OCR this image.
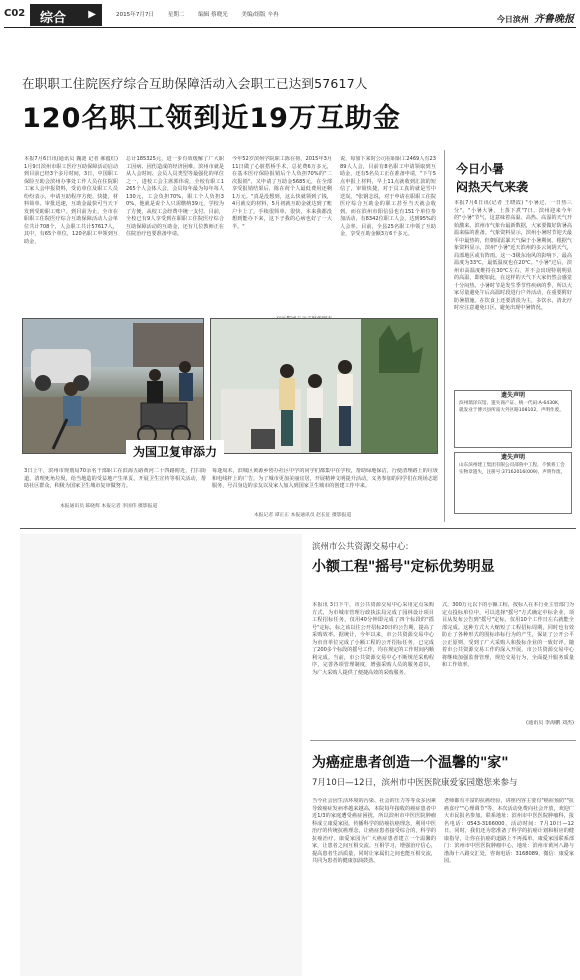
C02 综合 ▶	2015年7月7日 星期二 编辑 蔡晓光 美编/组版 辛冉	今日滨州 齐鲁晚报
在职职工住院医疗综合互助保障活动入会职工已达到57617人
120名职工领到近19万互助金
本报7月6日讯(通讯员 魏涟 记者 郝蕴红) 1月9日滨州市职工医疗互助保障活动启动到目前已经3个多月时间，3日，中国职工保险互助会滨州办事处工作人员在住院职工家人会申报资料，受访单位及职工人员纷纷表示，申请互助程序方便、快捷，材料简单、审批迅速，互助金最快可当天下发到受助职工账户。到目前为止，全市在职职工住院医疗综合互助保障活动人会单位共计708个，人会职工共计57617人，其中，有65个单位，120名职工申领到互助金，
总计185325元，进一步有效缓解了广大职工因病、因伤造成的经济困难。滨州市就是从人会时间、会员人员类型等最强化的单位之一，进校工会主席郭伟说，全校有职工1265个人会体人会，会员每年最为每年每人130元，工会负担70%，职工个人负担30%，他就是说个人只需缴纳39元，学校为了方便，从校工会经费中统一支付。目前，全校已有9人享受到在职职工住院医疗综合互助保障活动的互助金，还有几位教师正在住院治疗也要准备申请。
今年52岁滨州学院职工陈在荷，2015年3月11日做了心脏搭桥手术，总花费6万多元，在基本医疗保险报销后个人负担70%的"二次报销"，又申请了互助金5685元，在全部享受报销结果后，陈在荷个人最低费用还剩1万元。"真是没想到，这么快就领到了钱，4月就交的材料，5月初就互助金就达到了账户卡上了。手续很简单，很快，本来我都没想到能办下来，这下子我的心病也好了一大半。"
说，每加下来时公司在职职工2469人有2389人人会，目前有8名职工申请领取到互助金，还有5名员工正在准备申请，"下午5点申报上材料，早上11点就收到汇款的短信了，审简快捷，对于员工真的就是雪中送炭。"张钢志说，对于申请在职职工住院医疗综合互助金的职工甚至当天就会收到。而在滨州市阳信县也有151个单位参加活动，有8342位职工人会，达到95%的人会率。目前，全县25名职工申领了互助金，享受互助金额3万6千多元。
今日小暑
闷热天气来袭
本报7月6日讯(记者 王晓霞) "小暑过，一日热三分"。"小暑大暑，上蒸下煮"7日，滨州迎来今年的"小暑"节气，这意味着高温、高热、高湿的天气开始激来。滨州市气象台最新数据，大家要做好防暑高温来临的准备。气象资料显示，滨州小暑时节迎天最平中最热的，但朝闻雷暴天气偏于小暑期间。根据气象资料显示，滨州"小暑"近天滨州的多云间阴天气，局部地区或有阵雨。这一-3级东南风的影响下，最高温度为33℃，最低温度也在20℃。"小暑"过后，滨州市高温度维持在30℃左右，并不会出现特别明显的高温，即便如此，在这样的天气下大家仍然会感觉十分闷热。小暑时节是发生季节性疾病的季，所以大家尽量避免午后高温时段进行户外活动，在重要附好防暑措施。在饮食上还要清淡为主，多饮水，清北疗时应注意避免口区，避免出现中暑情况。
遗失声明
滨州鼎泽宾馆，遗失商产证、统一代码:A-6430K，就发业于博兴县所南大外区路108102，声明作废。
遗失声明
山东滨州建工集团有限公司部鲁中工程，不慎将工会实物章遗失，注册号:37162016(009)，声明作废。
为国卫复审添力
3日上午，滨州市规划局70余名干部职工在滨海五路黄河二十四路附近，打扫街道，清理死角垃圾，给当地造的受益地产生单页，开展卫生宣传等相关活动，帮助社区群众，积极为国家卫生城市复审做努力。
本报通讯员 陈晓辉 本报记者 李国伟 摄影报道
每逢周末，滨城区黄源乡创办社区中学的同学们都集中在学校，帮助绿地保洁，行使清理路上的垃圾和电线杆上的广告。为了城市更加美丽宜居，开展精神文明提升活动，义务参加的同学们在现场志愿服务，号召身边的亲友以及家人加入到国家卫生城市的创建工作中来。
本报记者 谭正正 本报通讯员 赵长征 摄影报道
滨州市公共资源交易中心:
小额工程"摇号"定标优势明显
本报讯 3日下午，市公共资源交易中心采用定点采购方式，为市城市管理行政执法局完成了园林设计项目工程招标任务，仅用40分钟即完成了四个标段的"摇号"定标，标之该以往公开招标20日的公告期，提高了采购效率。据统计，今年以来，市公共资源交易中心为市直单位完成了小额工程的公开招标任务，已完成了200多个标段的摇号工作，均在规定的工作时间内顺利完成。当前，市公共资源交易中心不断规范采购程序，完善各项管理制度，增强采购人员的服务意识，为广大采购人提供了便捷高效的采购服务。
式，300万元以下的小额工程，按标人在本行业主管部门为定点投标单位中，可以选择"摇号"方式确定中标企业，项目从发布公告到"摇号"定标，仅用10个工作日左右就能全部完成。这种方式大大缩短了工程招标周期，同时也有效防止了各种形式的围标串标行为的产生，保证了公开公平公正原则，受到了广大采购人和投标企业的一致好评。随着市公共资源交易工作的深入开展，市公共资源交易中心将继续加强监督管理，规范交易行为，全面提升服务质量和工作效率。
(通讯员 李海鹏 刘杰)
为癌症患者创造一个温馨的"家"
7月10日—12日，滨州市中医医院康爱家园邀您来参与
当今社会因生活环境的污染、社会的压力等等众多因素导致癌症发病率越来越高，本院每年接收的癌症患者中近1/3的家庭遭受癌症困扰，所以滨州市中医医院肿瘤科成立康爱家园，传播科学的防癌抗癌理念，利用中医治疗的传统抗癌理念，让癌症患者接受综合的，科学的抗癌治疗。康爱家园为广大癌症患者建立一个温馨的家，让患者之间互相交流、互相学习，增强治疗信心，提高患者生活质量，同时让家属们之间也能互相交流，共同为患者的健康加油鼓劲。
老师都有丰富的抗癌经验，讲座内容主要有"癌症预防""抗癌食疗""心理调节"等，本次活动免费向社会开放，欢迎广大市民报名参加。联系地址：滨州市中医医院肿瘤科，报名电话：0543-3166000，活动时间：7月10日—12日。同时，我们还为您准备了科学的抗癌计划和相应的健康指导，让你在抗癌的道路上不再孤单。康爱家园联系部门：滨州市中医医院肿瘤中心，地址：滨州市黄河八路与渤海十八路交汇处，咨询电话：3168089，微信：康爱家园。
